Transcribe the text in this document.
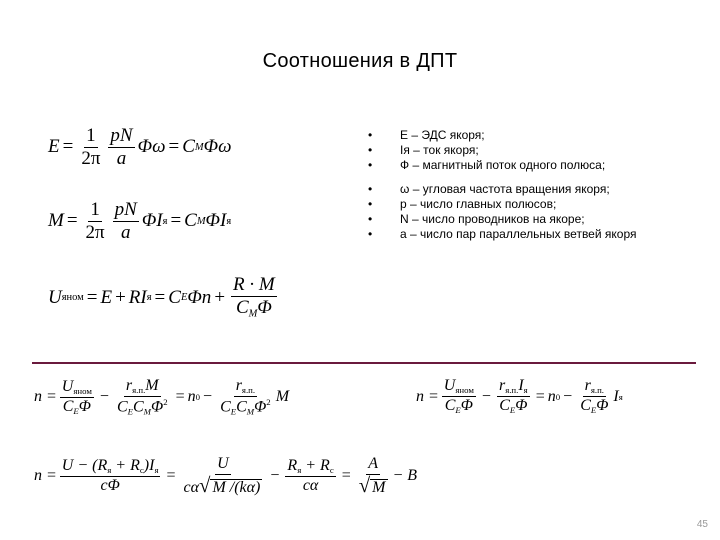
Соотношения в ДПТ
$E = \frac{1}{2\pi} \frac{pN}{a}$ Φω = C M Φω
$M = \frac{1}{2\pi} \frac{pN}{a}$ ΦI я = C M ΦI я
U яном = E + RI я = C E $\Phi n + \frac{R \cdot M}{C_M\Phi}$
• E – ЭДС якоря;
• Iя – ток якоря;
• Ф – магнитный поток одного полюса;
• ω – угловая частота вращения якоря;
• p – число главных полюсов;
• N – число проводников на якоре;
• a – число пар параллельных ветвей якоря
$n = \frac{U_{яном}}{C_E\Phi} - \frac{r_{я.п.}M}{C_EC_M\Phi^2} = n$ $0 - \frac{r_{я.п.}}{C_EC_M\Phi^2}$ M	$n = \frac{U_{яном}}{C_E\Phi} - \frac{r_{я.п.}I_я}{C_E\Phi} = n$ $0 - \frac{r_{я.п.}}{C_E\Phi}$ I я
$n = \frac{U - (R_я + R_c)I_я}{c\Phi} = \frac{U}{c\alpha √ M /(k\alpha)} - \frac{R_я + R_c}{c\alpha} = \frac{A}{√ M} - B$
45
